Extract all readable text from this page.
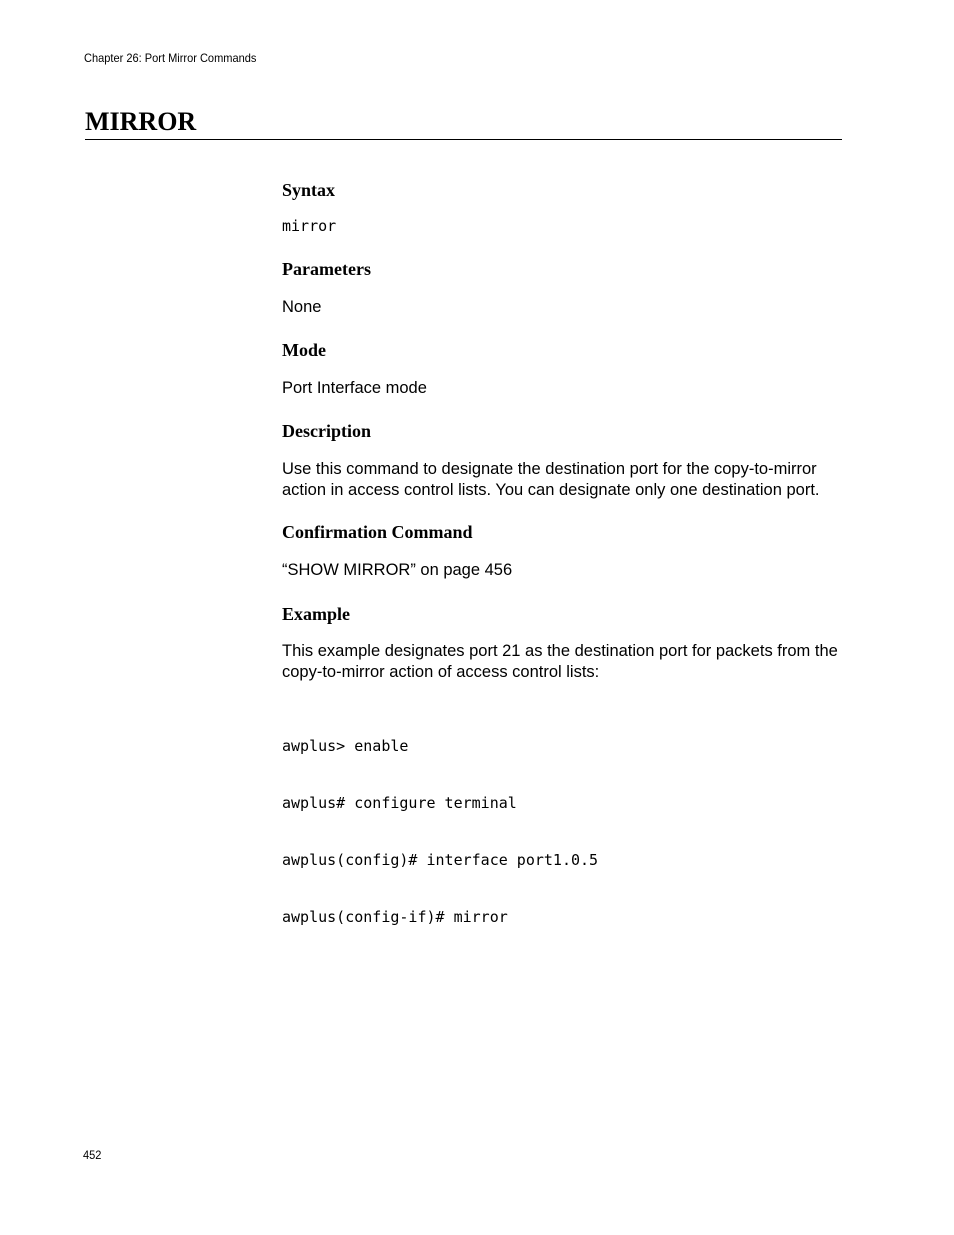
Chapter 26: Port Mirror Commands
MIRROR
Syntax
mirror
Parameters

None

Mode

Port Interface mode

Description

Use this command to designate the destination port for the copy-to-mirror action in access control lists. You can designate only one destination port.

Confirmation Command

“SHOW MIRROR” on page 456

Example

This example designates port 21 as the destination port for packets from the copy-to-mirror action of access control lists:

awplus> enable

awplus# configure terminal

awplus(config)# interface port1.0.5

awplus(config-if)# mirror

452
